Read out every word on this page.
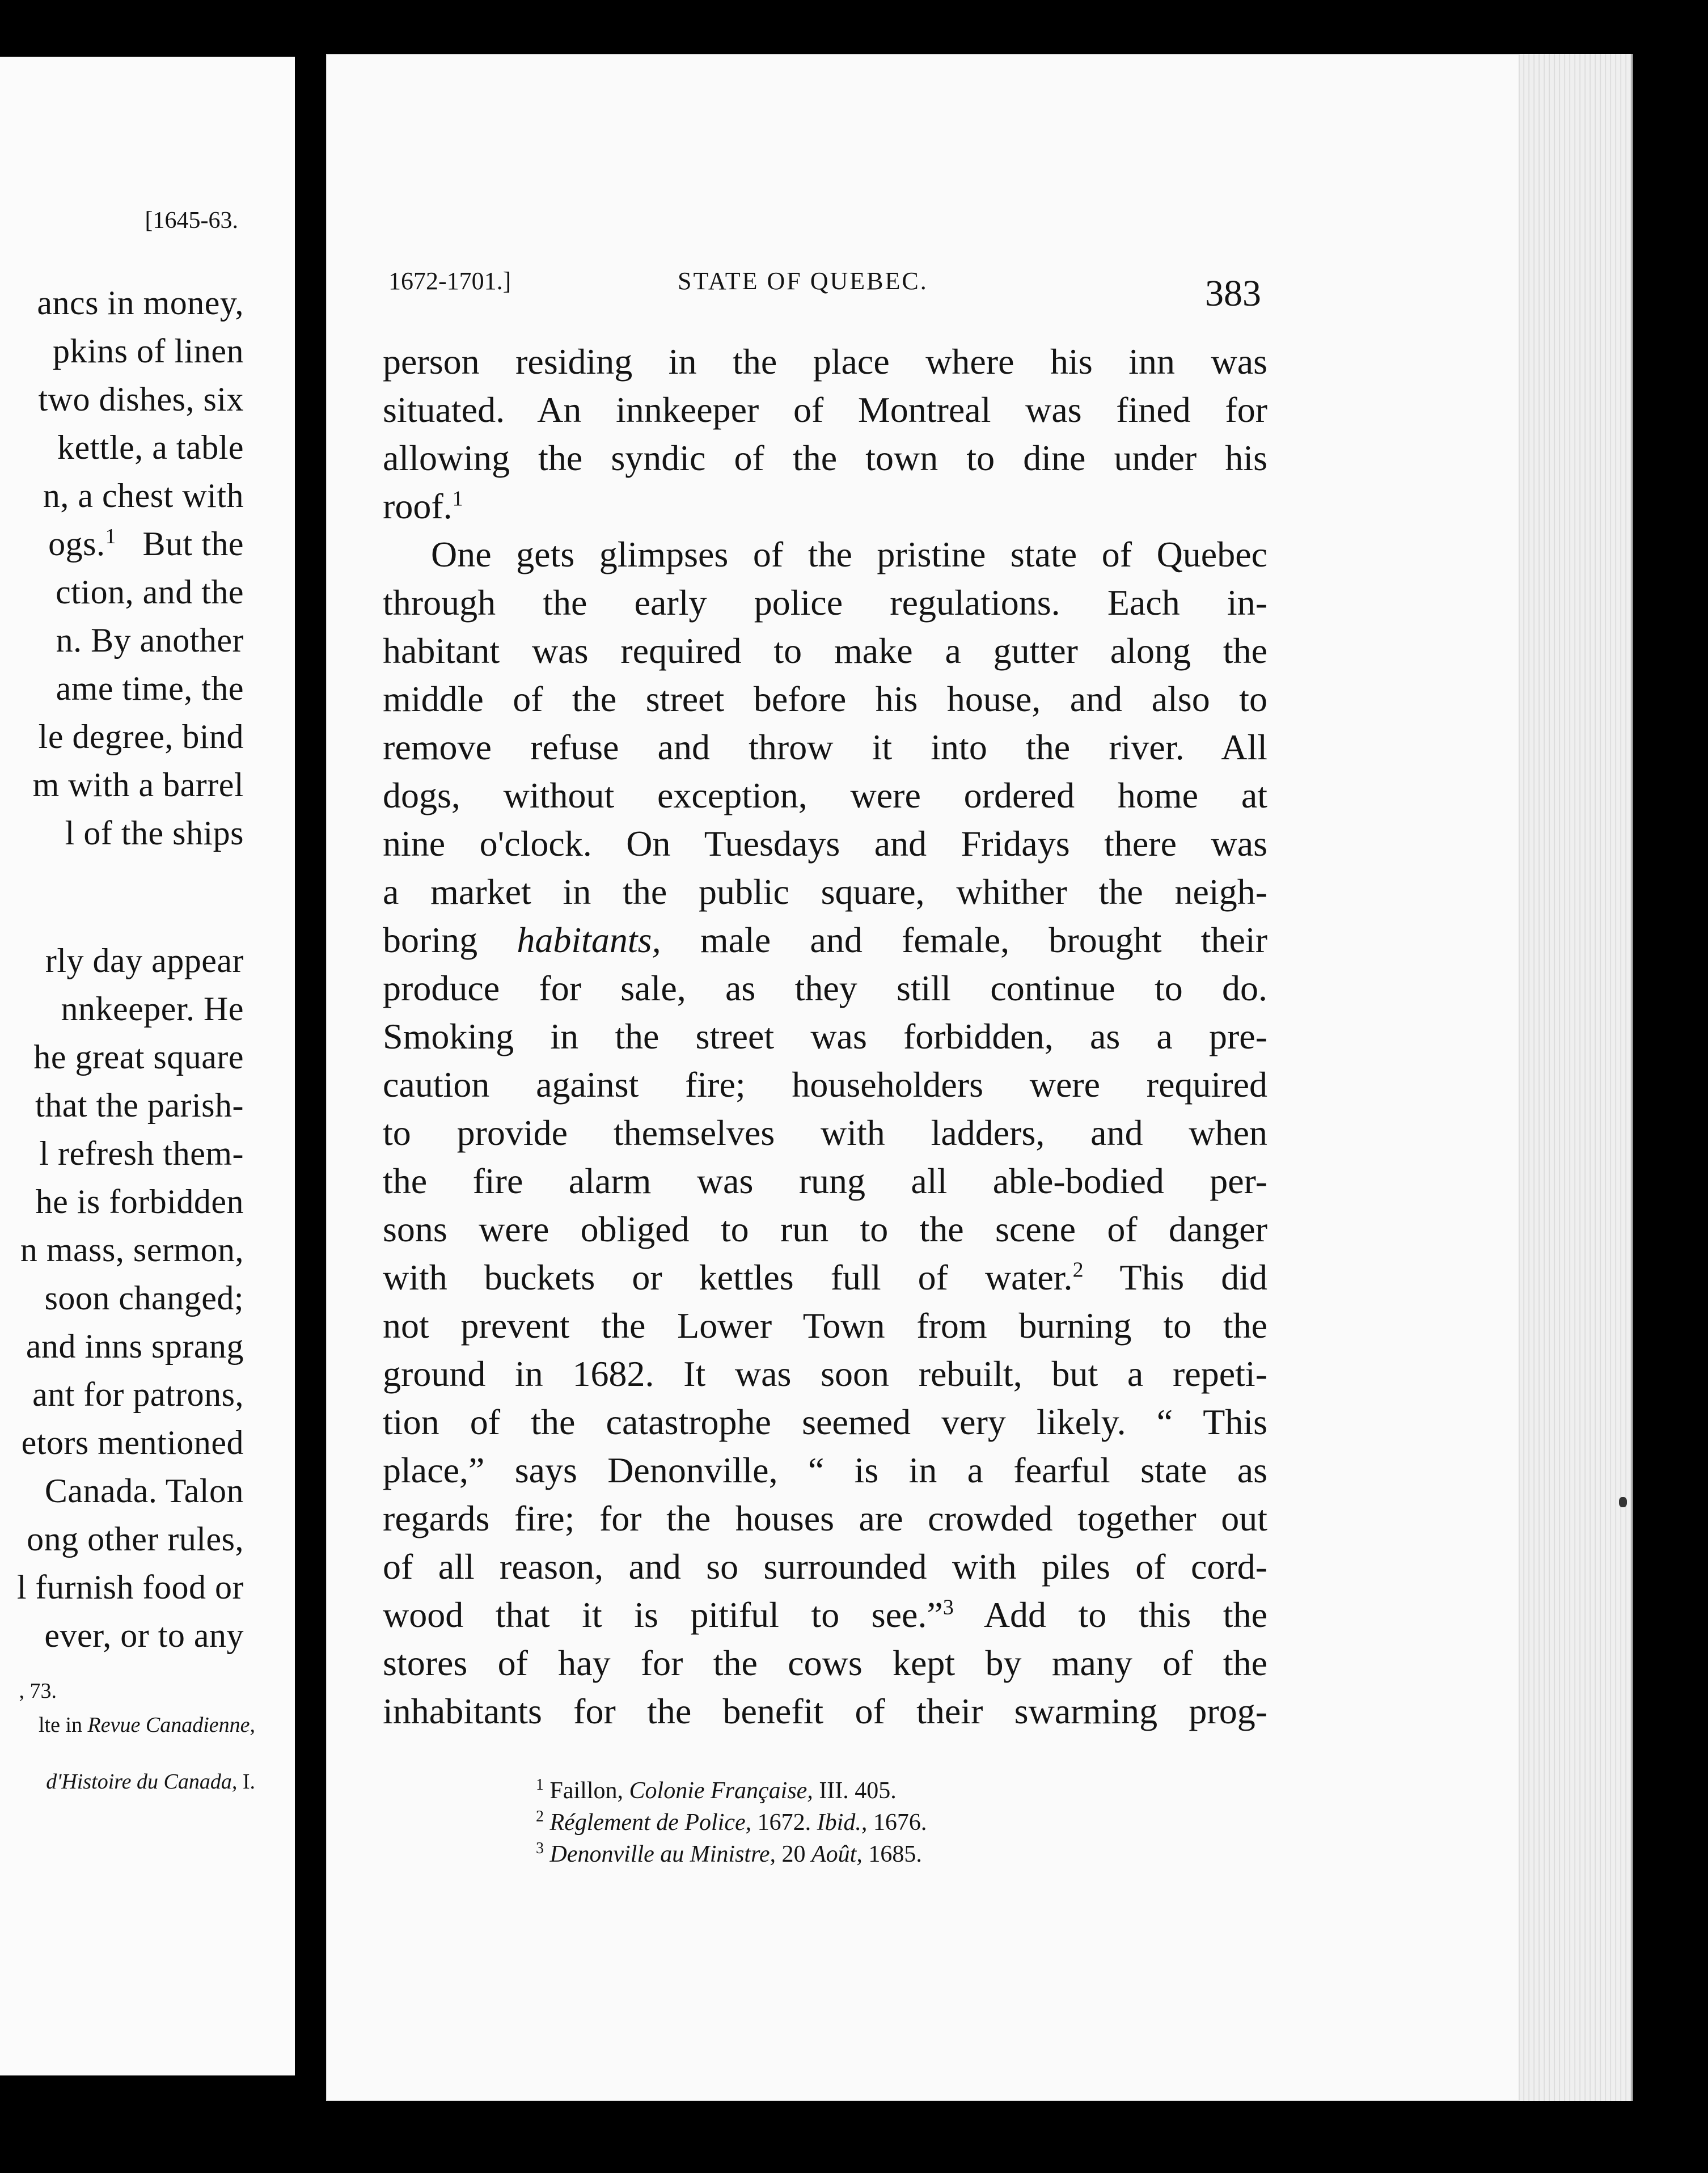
[1645-63.
ancs in money,
pkins of linen
two dishes, six
kettle, a table
n, a chest with
ogs.$^1$ But the
ction, and the
n. By another
ame time, the
le degree, bind
m with a barrel
l of the ships
rly day appear
nnkeeper. He
he great square
that the parish-
l refresh them-
he is forbidden
n mass, sermon,
soon changed;
and inns sprang
ant for patrons,
etors mentioned
Canada. Talon
ong other rules,
l furnish food or
ever, or to any
, 73.
lte in Revue Canadienne,
d'Histoire du Canada, I.
1672-1701.]	STATE OF QUEBEC.	383
person residing in the place where his inn was
situated. An innkeeper of Montreal was fined for
allowing the syndic of the town to dine under his
roof.$^1$
One gets glimpses of the pristine state of Quebec
through the early police regulations. Each in-
habitant was required to make a gutter along the
middle of the street before his house, and also to
remove refuse and throw it into the river. All
dogs, without exception, were ordered home at
nine o'clock. On Tuesdays and Fridays there was
a market in the public square, whither the neigh-
boring habitants, male and female, brought their
produce for sale, as they still continue to do.
Smoking in the street was forbidden, as a pre-
caution against fire; householders were required
to provide themselves with ladders, and when
the fire alarm was rung all able-bodied per-
sons were obliged to run to the scene of danger
with buckets or kettles full of water.$^2$ This did
not prevent the Lower Town from burning to the
ground in 1682. It was soon rebuilt, but a repeti-
tion of the catastrophe seemed very likely. “ This
place,” says Denonville, “ is in a fearful state as
regards fire; for the houses are crowded together out
of all reason, and so surrounded with piles of cord-
wood that it is pitiful to see.”$^3$ Add to this the
stores of hay for the cows kept by many of the
inhabitants for the benefit of their swarming prog-
$^1$ Faillon, Colonie Française, III. 405.
$^2$ Réglement de Police, 1672. Ibid., 1676.
$^3$ Denonville au Ministre, 20 Août, 1685.
